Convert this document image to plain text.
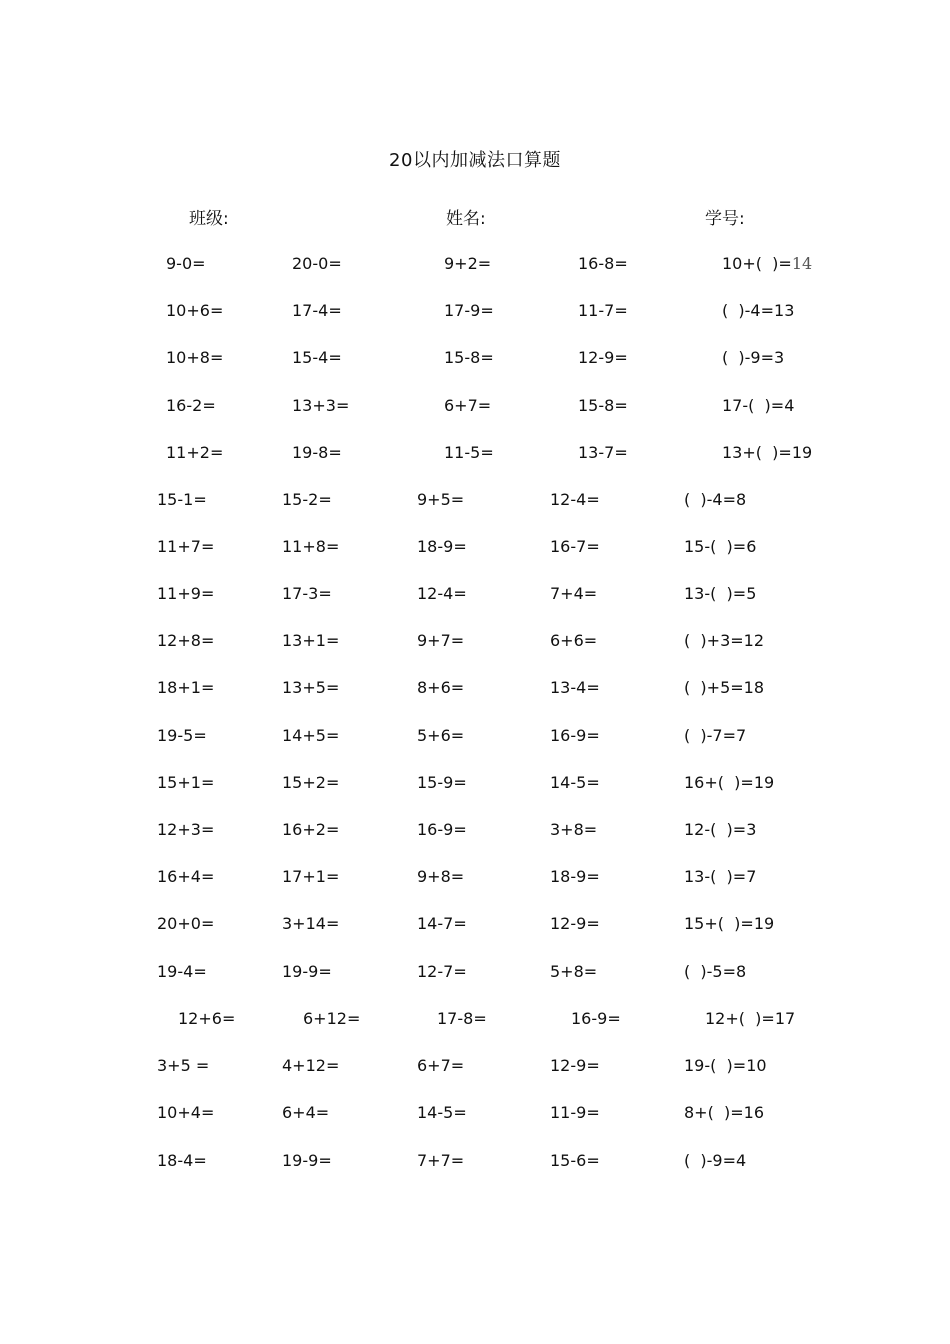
20以内加减法口算题
班级:	姓名:	学号:
9-0=	20-0=	9+2=	16-8=	10+(  )=14
10+6=	17-4=	17-9=	11-7=	(  )-4=13
10+8=	15-4=	15-8=	12-9=	(  )-9=3
16-2=	13+3=	6+7=	15-8=	17-(  )=4
11+2=	19-8=	11-5=	13-7=	13+(  )=19
15-1=	15-2=	9+5=	12-4=	(  )-4=8
11+7=	11+8=	18-9=	16-7=	15-(  )=6
11+9=	17-3=	12-4=	7+4=	13-(  )=5
12+8=	13+1=	9+7=	6+6=	(  )+3=12
18+1=	13+5=	8+6=	13-4=	(  )+5=18
19-5=	14+5=	5+6=	16-9=	(  )-7=7
15+1=	15+2=	15-9=	14-5=	16+(  )=19
12+3=	16+2=	16-9=	3+8=	12-(  )=3
16+4=	17+1=	9+8=	18-9=	13-(  )=7
20+0=	3+14=	14-7=	12-9=	15+(  )=19
19-4=	19-9=	12-7=	5+8=	(  )-5=8
12+6=	6+12=	17-8=	16-9=	12+(  )=17
3+5 =	4+12=	6+7=	12-9=	19-(  )=10
10+4=	6+4=	14-5=	11-9=	8+(  )=16
18-4=	19-9=	7+7=	15-6=	(  )-9=4
